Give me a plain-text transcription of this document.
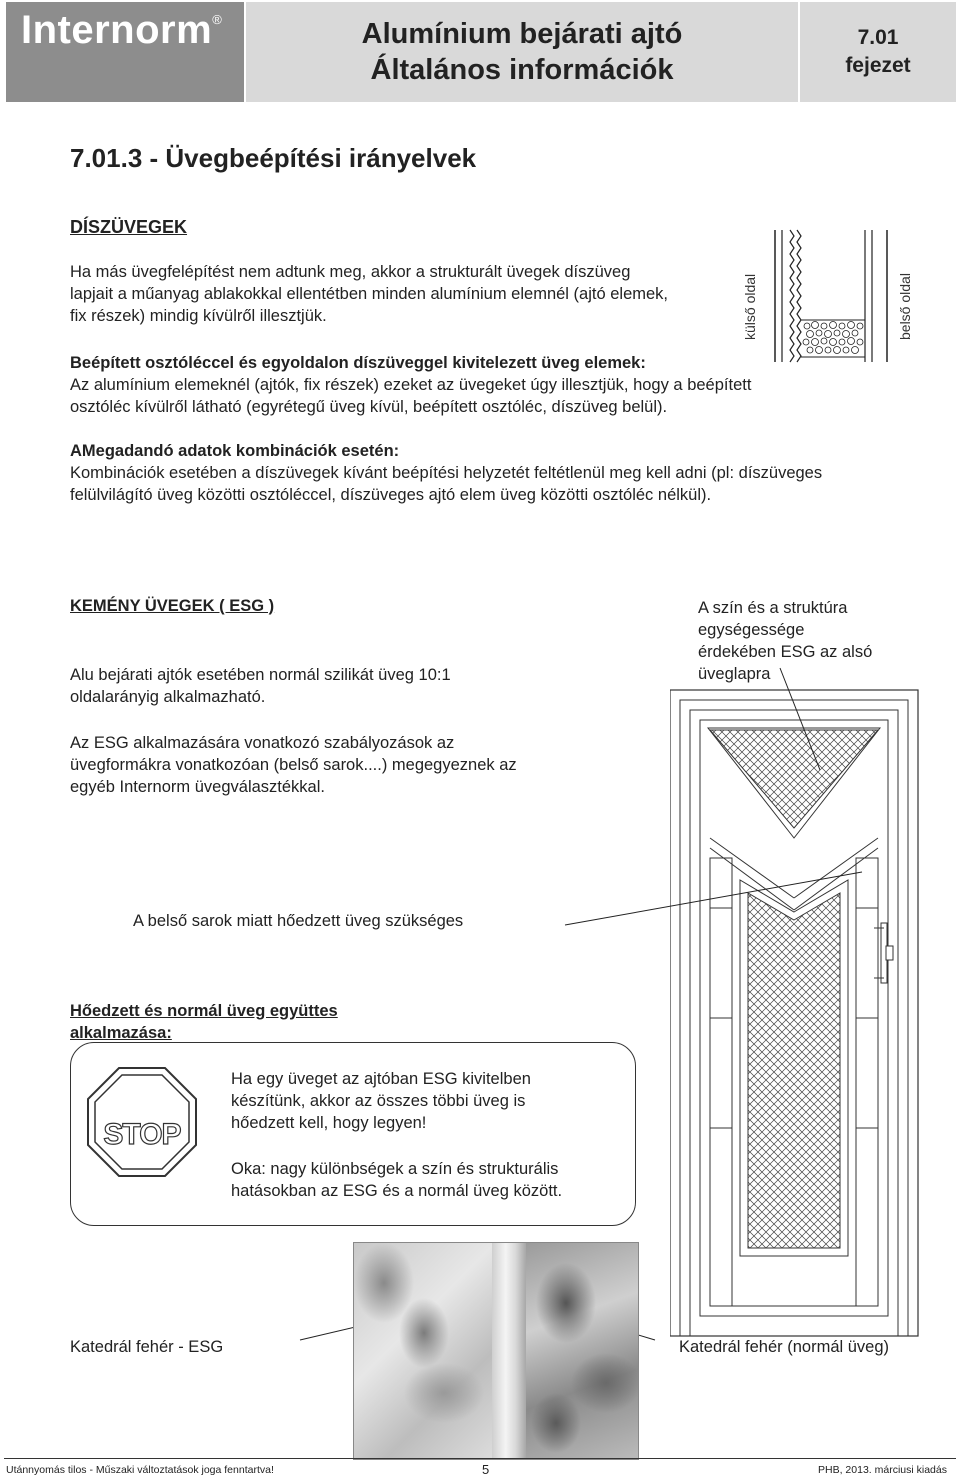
Internorm®	Alumínium bejárati ajtó
Általános információk
7.01
fejezet
7.01.3 - Üvegbeépítési irányelvek
DÍSZÜVEGEK
Ha más üvegfelépítést nem adtunk meg, akkor a strukturált üvegek díszüveg
lapjait a műanyag ablakokkal ellentétben minden alumínium elemnél (ajtó elemek,
fix részek) mindig kívülről illesztjük.	külső oldal	belső oldal
Beépített osztóléccel és egyoldalon díszüveggel kivitelezett üveg elemek:
Az alumínium elemeknél (ajtók, fix részek) ezeket az üvegeket úgy illesztjük, hogy a beépített
osztóléc kívülről látható (egyrétegű üveg kívül, beépített osztóléc, díszüveg belül).
AMegadandó adatok kombinációk esetén:
Kombinációk esetében a díszüvegek kívánt beépítési helyzetét feltétlenül meg kell adni (pl: díszüveges
felülvilágító üveg közötti osztóléccel, díszüveges ajtó elem üveg közötti osztóléc nélkül).
KEMÉNY ÜVEGEK ( ESG )
Alu bejárati ajtók esetében normál szilikát üveg 10:1
oldalarányig alkalmazható.
Az ESG alkalmazására vonatkozó szabályozások az
üvegformákra vonatkozóan (belső sarok....) megegyeznek az
egyéb Internorm üvegválasztékkal.
A szín és a struktúra
egységessége
érdekében ESG az alsó
üveglapra
A belső sarok miatt hőedzett üveg szükséges
Hőedzett és normál üveg együttes
alkalmazása:
STOP
Ha egy üveget az ajtóban ESG kivitelben
készítünk, akkor az összes többi üveg is
hőedzett kell, hogy legyen!
Oka: nagy különbségek a szín és strukturális
hatásokban az ESG és a normál üveg között.
Katedrál fehér - ESG	Katedrál fehér (normál üveg)
Utánnyomás tilos - Műszaki változtatások joga fenntartva!	5	PHB, 2013. márciusi kiadás
